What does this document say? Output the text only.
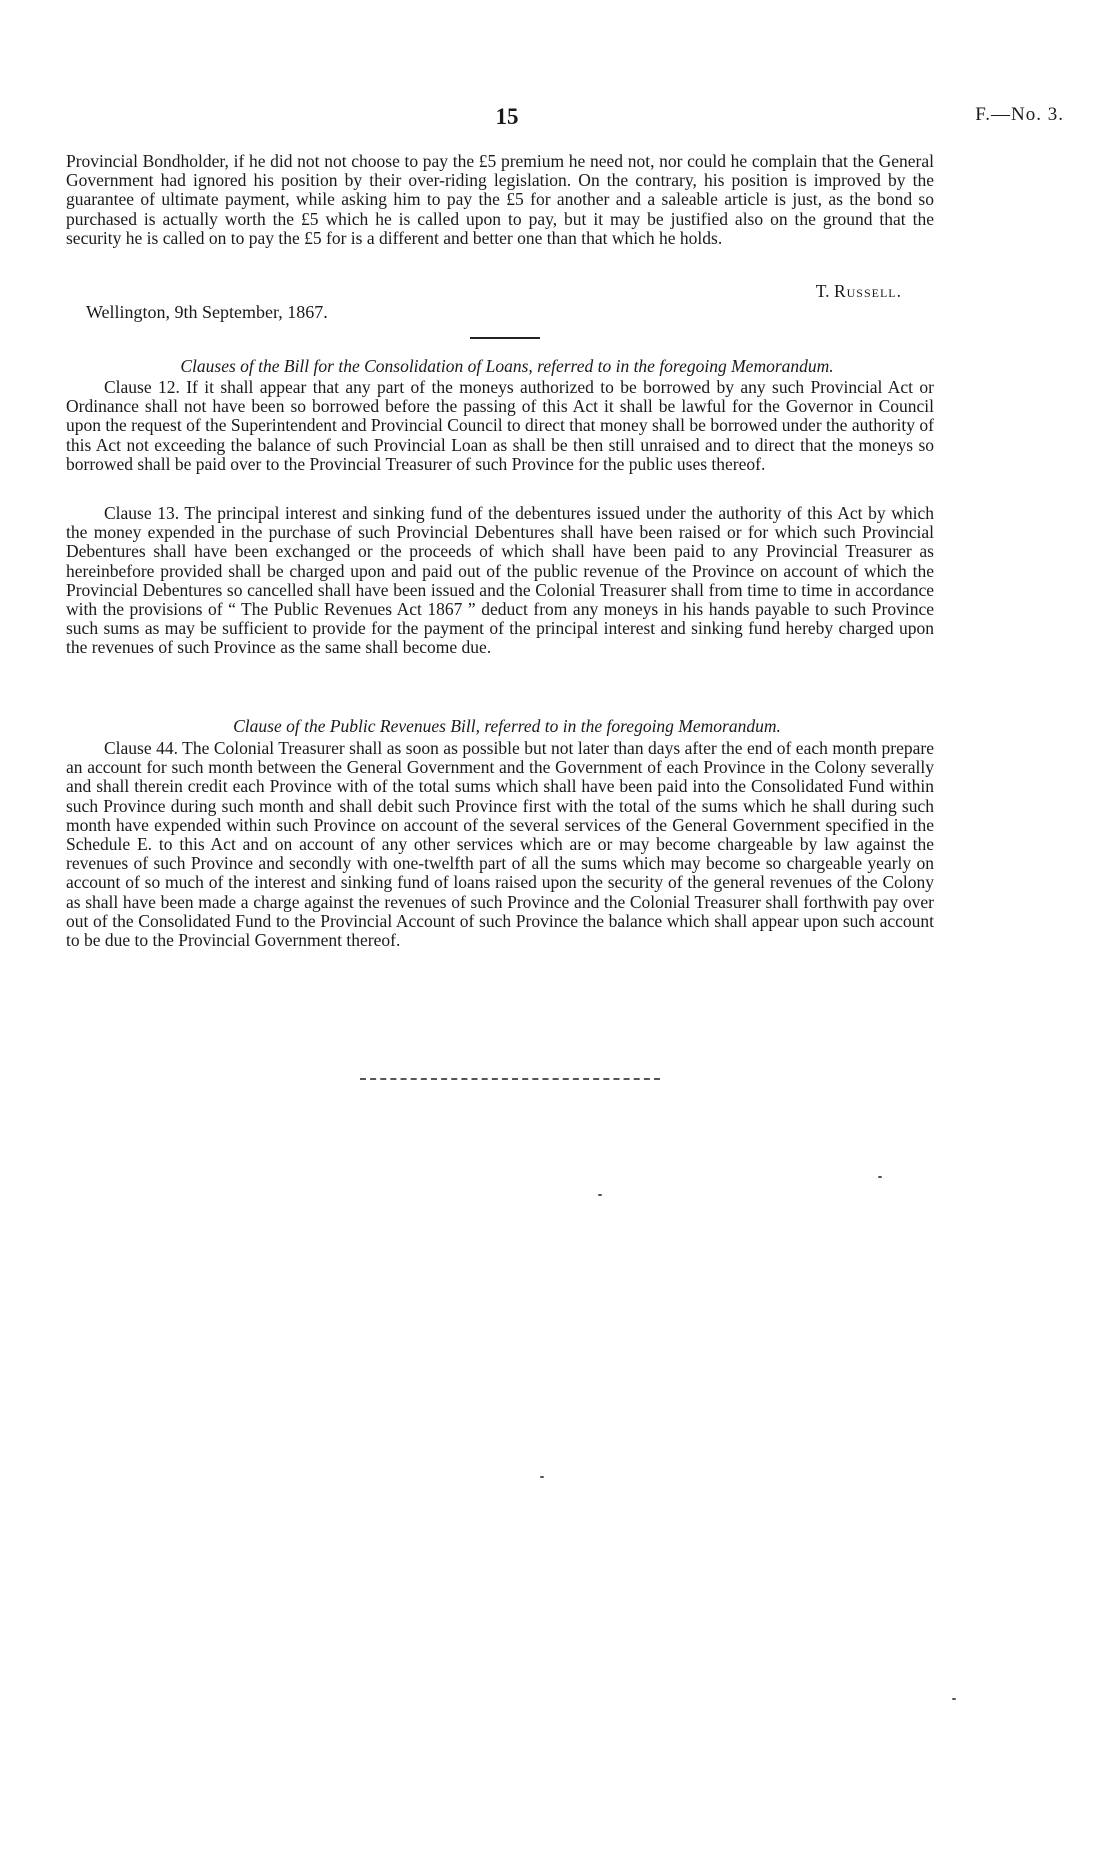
15	F.—No. 3.

Provincial Bondholder, if he did not not choose to pay the £5 premium he need not, nor could he complain that the General Government had ignored his position by their over-riding legislation. On the contrary, his position is improved by the guarantee of ultimate payment, while asking him to pay the £5 for another and a saleable article is just, as the bond so purchased is actually worth the £5 which he is called upon to pay, but it may be justified also on the ground that the security he is called on to pay the £5 for is a different and better one than that which he holds.

T. Russell.
Wellington, 9th September, 1867.
Clauses of the Bill for the Consolidation of Loans, referred to in the foregoing Memorandum.

Clause 12. If it shall appear that any part of the moneys authorized to be borrowed by any such Provincial Act or Ordinance shall not have been so borrowed before the passing of this Act it shall be lawful for the Governor in Council upon the request of the Superintendent and Provincial Council to direct that money shall be borrowed under the authority of this Act not exceeding the balance of such Provincial Loan as shall be then still unraised and to direct that the moneys so borrowed shall be paid over to the Provincial Treasurer of such Province for the public uses thereof.

Clause 13. The principal interest and sinking fund of the debentures issued under the authority of this Act by which the money expended in the purchase of such Provincial Debentures shall have been raised or for which such Provincial Debentures shall have been exchanged or the proceeds of which shall have been paid to any Provincial Treasurer as hereinbefore provided shall be charged upon and paid out of the public revenue of the Province on account of which the Provincial Debentures so cancelled shall have been issued and the Colonial Treasurer shall from time to time in accordance with the provisions of “ The Public Revenues Act 1867 ” deduct from any moneys in his hands payable to such Province such sums as may be sufficient to provide for the payment of the principal interest and sinking fund hereby charged upon the revenues of such Province as the same shall become due.

Clause of the Public Revenues Bill, referred to in the foregoing Memorandum.

Clause 44. The Colonial Treasurer shall as soon as possible but not later than days after the end of each month prepare an account for such month between the General Government and the Government of each Province in the Colony severally and shall therein credit each Province with of the total sums which shall have been paid into the Consolidated Fund within such Province during such month and shall debit such Province first with the total of the sums which he shall during such month have expended within such Province on account of the several services of the General Government specified in the Schedule E. to this Act and on account of any other services which are or may become chargeable by law against the revenues of such Province and secondly with one-twelfth part of all the sums which may become so chargeable yearly on account of so much of the interest and sinking fund of loans raised upon the security of the general revenues of the Colony as shall have been made a charge against the revenues of such Province and the Colonial Treasurer shall forthwith pay over out of the Consolidated Fund to the Provincial Account of such Province the balance which shall appear upon such account to be due to the Provincial Government thereof.
